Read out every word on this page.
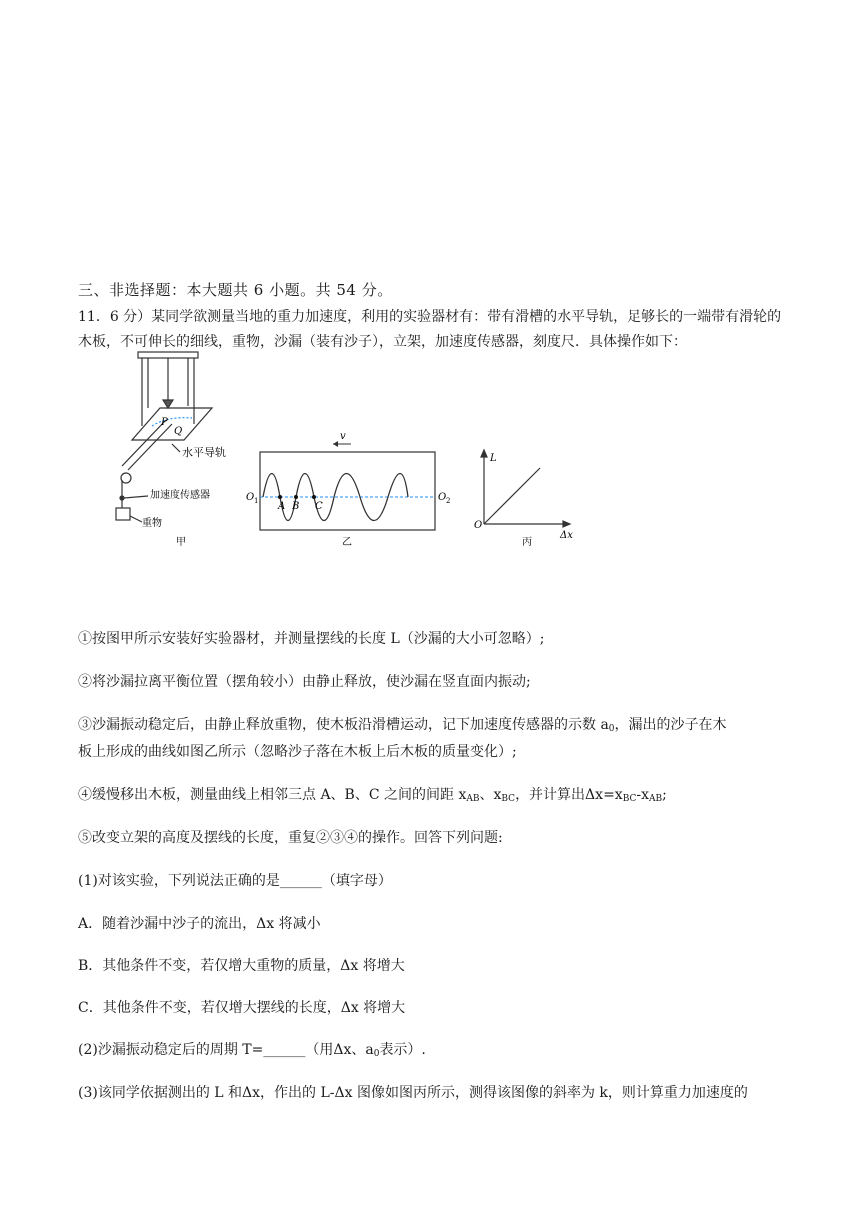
三、非选择题：本大题共 6 小题。共 54 分。
11．6 分）某同学欲测量当地的重力加速度，利用的实验器材有：带有滑槽的水平导轨，足够长的一端带有滑轮的木板，不可伸长的细线，重物，沙漏（装有沙子），立架，加速度传感器，刻度尺．具体操作如下：
P
Q
水平导轨
加速度传感器
重物
甲
v
O 1	O 2
A B C
乙
L
O
Δx
丙
①按图甲所示安装好实验器材，并测量摆线的长度 L（沙漏的大小可忽略）;
②将沙漏拉离平衡位置（摆角较小）由静止释放，使沙漏在竖直面内振动;
③沙漏振动稳定后，由静止释放重物，使木板沿滑槽运动，记下加速度传感器的示数 $a_0$，漏出的沙子在木
板上形成的曲线如图乙所示（忽略沙子落在木板上后木板的质量变化）;
④缓慢移出木板，测量曲线上相邻三点 A、B、C 之间的间距 $x_{AB}$、$x_{BC}$，并计算出$\Delta x=x_{BC}-x_{AB}$;
⑤改变立架的高度及摆线的长度，重复②③④的操作。回答下列问题:
(1)对该实验，下列说法正确的是______（填字母）
A．随着沙漏中沙子的流出，Δx 将减小
B．其他条件不变，若仅增大重物的质量，Δx 将增大
C．其他条件不变，若仅增大摆线的长度，Δx 将增大
(2)沙漏振动稳定后的周期 T=______（用Δx、$a_0$表示）.
(3)该同学依据测出的 L 和Δx，作出的 L-Δx 图像如图丙所示，测得该图像的斜率为 k，则计算重力加速度的
